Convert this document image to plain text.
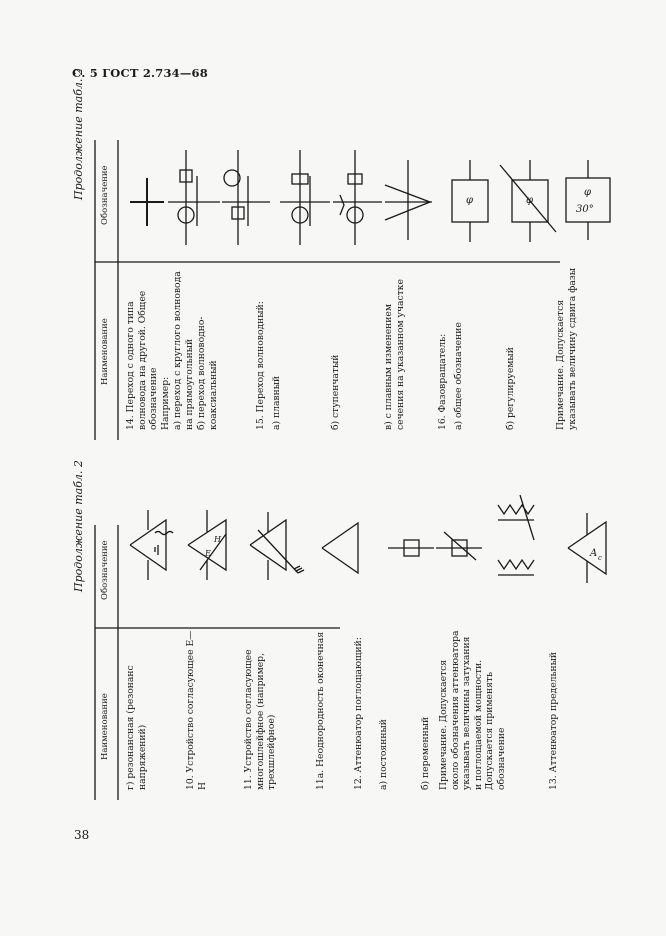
С. 5 ГОСТ 2.734—68
Наименование
Обозначение
Продолжение табл. 2
г) резонансная (резонанс напряжений)	10. Устройство согласующее E—H	11. Устройство согласующее многошлейфное (например, трехшлейфное)	11а. Неоднородность оконечная	12. Аттенюатор поглощающий: а) постоянный	б) переменный Примечание. Допускается около обозначения аттенюатора указывать величины затухания и поглощаемой мощности. Допускается применять обозначение	13. Аттенюатор предельный
E
H
A c
Наименование
Обозначение
Продолжение табл. 2
14. Переход с одного типа волновода на другой. Общее обозначение Например: а) переход с круглого волновода на прямоугольный б) переход волноводно-коаксиальный	15. Переход волноводный: а) плавный	б) ступенчатый	в) с плавным изменением сечения на указанном участке	16. Фазовращатель: а) общее обозначение	б) регулируемый	Примечание. Допускается указывать величину сдвига фазы
φ	φ
φ
30°
38
